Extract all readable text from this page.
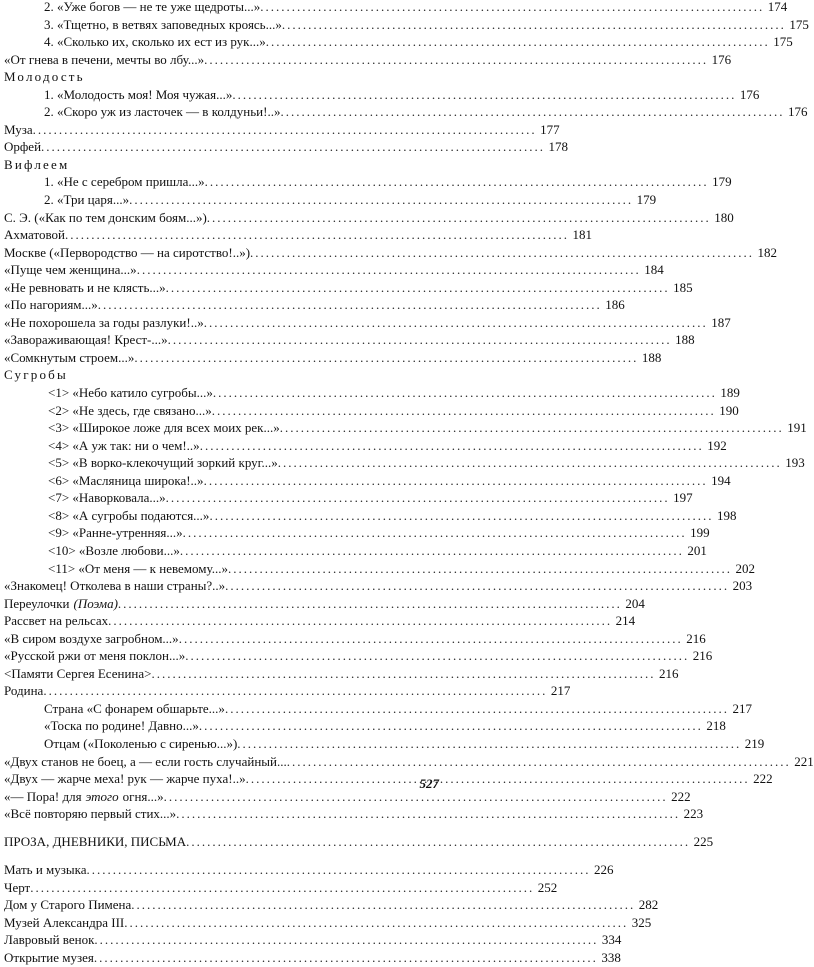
2. «Уже богов — не те уже щедроты...» .....	174
3. «Тщетно, в ветвях заповедных кроясь...» .....	175
4. «Сколько их, сколько их ест из рук...» .....	175
«От гнева в печени, мечты во лбу...» .....	176
Молодость
1. «Молодость моя! Моя чужая...» .....	176
2. «Скоро уж из ласточек — в колдуньи!..» .....	176
Муза .....	177
Орфей .....	178
Вифлеем
1. «Не с серебром пришла...» .....	179
2. «Три царя...» .....	179
С. Э. («Как по тем донским боям...») .....	180
Ахматовой .....	181
Москве («Первородство — на сиротство!..») .....	182
«Пуще чем женщина...» .....	184
«Не ревновать и не клясть...» .....	185
«По нагориям...» .....	186
«Не похорошела за годы разлуки!..» .....	187
«Завораживающая! Крест-...» .....	188
«Сомкнутым строем...» .....	188
Сугробы
<1> «Небо катило сугробы...» .....	189
<2> «Не здесь, где связано...» .....	190
<3> «Широкое ложе для всех моих рек...» .....	191
<4> «А уж так: ни о чем!..» .....	192
<5> «В ворко-клекочущий зоркий круг...» .....	193
<6> «Масляница широка!..» .....	194
<7> «Наворковала...» .....	197
<8> «А сугробы подаются...» .....	198
<9> «Ранне-утренняя...» .....	199
<10> «Возле любови...» .....	201
<11> «От меня — к невемому...» .....	202
«Знакомец! Отколева в наши страны?..» .....	203
Переулочки (Поэма) .....	204
Рассвет на рельсах .....	214
«В сиром воздухе загробном...» .....	216
«Русской ржи от меня поклон...» .....	216
<Памяти Сергея Есенина> .....	216
Родина .....	217
Страна «С фонарем обшарьте...» .....	217
«Тоска по родине! Давно...» .....	218
Отцам («Поколенью с сиренью...») .....	219
«Двух станов не боец, а — если гость случайный... .....	221
«Двух — жарче меха! рук — жарче пуха!..» .....	222
«— Пора! для этого огня...» .....	222
«Всё повторяю первый стих...» .....	223
ПРОЗА, ДНЕВНИКИ, ПИСЬМА .....	225
Мать и музыка .....	226
Черт .....	252
Дом у Старого Пимена .....	282
Музей Александра III .....	325
Лавровый венок .....	334
Открытие музея .....	338
527
